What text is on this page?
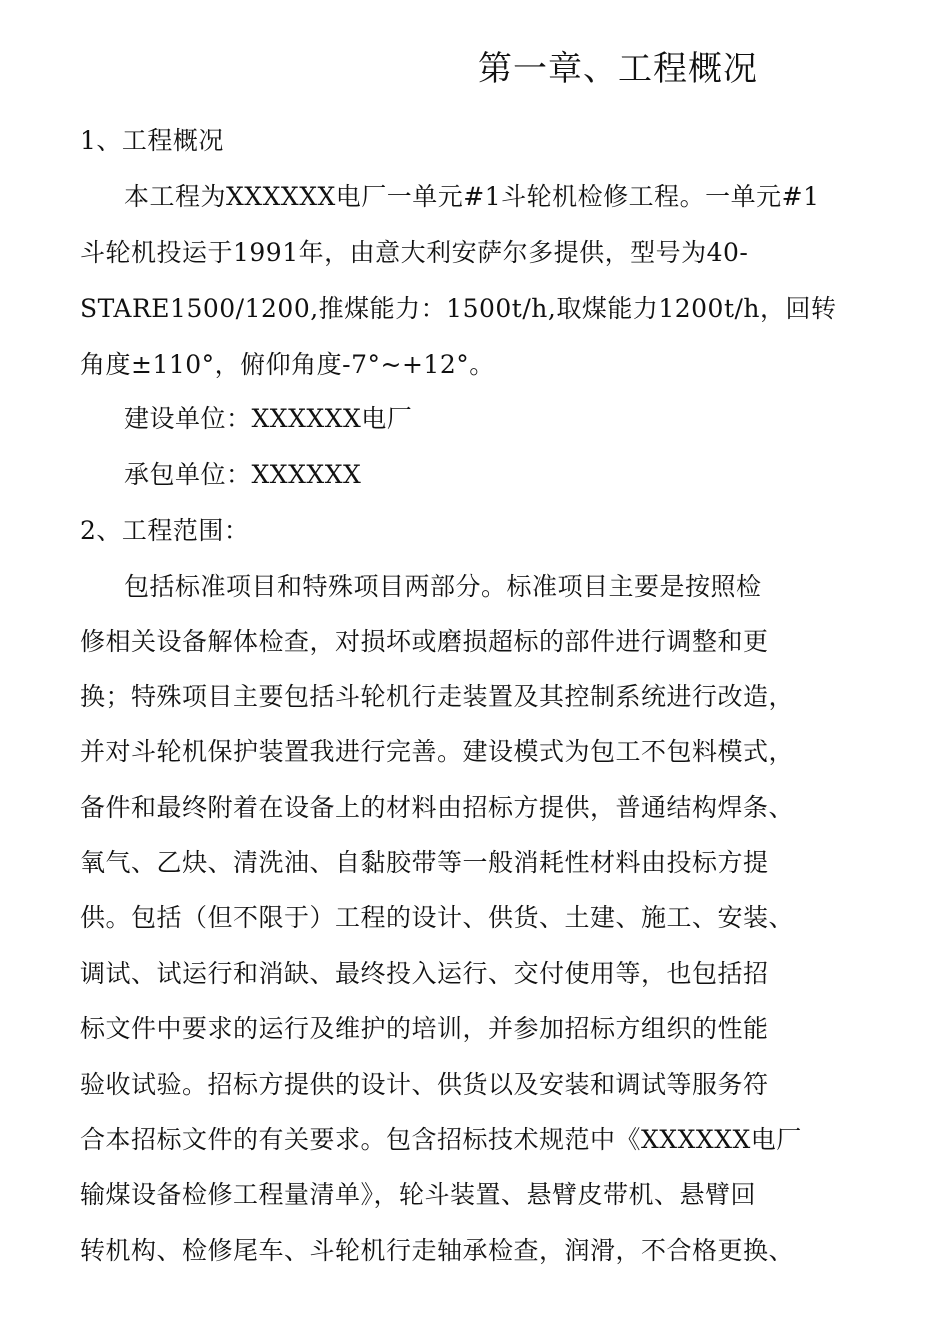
第一章、工程概况
1、工程概况
本工程为XXXXXX电厂一单元#1斗轮机检修工程。一单元#1
斗轮机投运于1991年，由意大利安萨尔多提供，型号为40-
STARE1500/1200,推煤能力：1500t/h,取煤能力1200t/h，回转
角度±110°，俯仰角度-7°~+12°。
建设单位：XXXXXX电厂
承包单位：XXXXXX
2、工程范围：
包括标准项目和特殊项目两部分。标准项目主要是按照检
修相关设备解体检查，对损坏或磨损超标的部件进行调整和更
换；特殊项目主要包括斗轮机行走装置及其控制系统进行改造，
并对斗轮机保护装置我进行完善。建设模式为包工不包料模式，
备件和最终附着在设备上的材料由招标方提供，普通结构焊条、
氧气、乙炔、清洗油、自黏胶带等一般消耗性材料由投标方提
供。包括（但不限于）工程的设计、供货、土建、施工、安装、
调试、试运行和消缺、最终投入运行、交付使用等，也包括招
标文件中要求的运行及维护的培训，并参加招标方组织的性能
验收试验。招标方提供的设计、供货以及安装和调试等服务符
合本招标文件的有关要求。包含招标技术规范中《XXXXXX电厂
输煤设备检修工程量清单》，轮斗装置、悬臂皮带机、悬臂回
转机构、检修尾车、斗轮机行走轴承检查，润滑，不合格更换、
